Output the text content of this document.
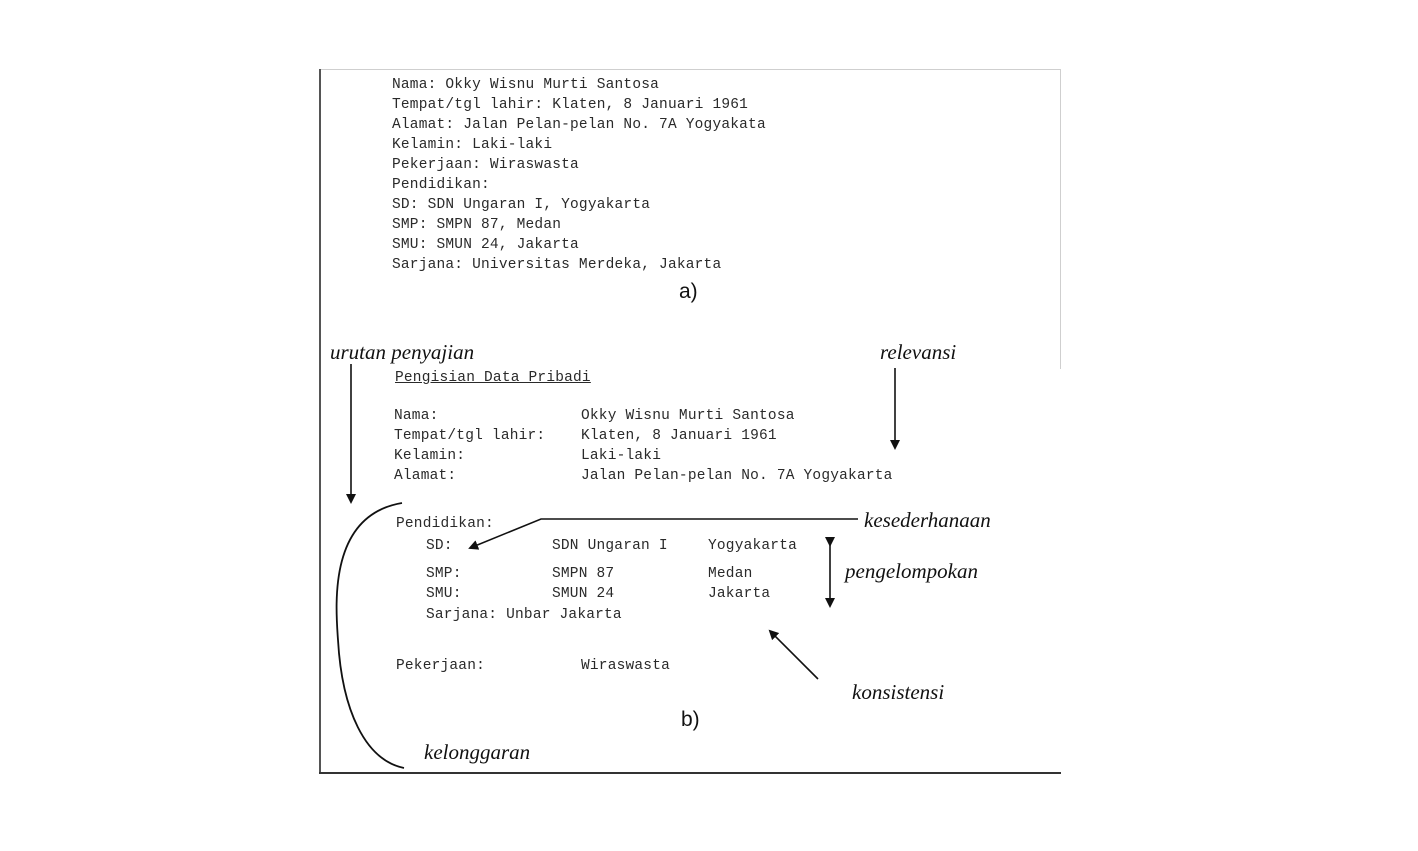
Nama: Okky Wisnu Murti Santosa
Tempat/tgl lahir: Klaten, 8 Januari 1961
Alamat: Jalan Pelan-pelan No. 7A Yogyakata
Kelamin: Laki-laki
Pekerjaan: Wiraswasta
Pendidikan:
SD: SDN Ungaran I, Yogyakarta
SMP: SMPN 87, Medan
SMU: SMUN 24, Jakarta
Sarjana: Universitas Merdeka, Jakarta
a)
Pengisian Data Pribadi
Nama:	Okky Wisnu Murti Santosa
Tempat/tgl lahir: Klaten, 8 Januari 1961
Kelamin:	Laki-laki
Alamat:	Jalan Pelan-pelan No. 7A Yogyakarta
Pendidikan:
SD:	SDN Ungaran I	Yogyakarta
SMP:	SMPN 87	Medan
SMU:	SMUN 24	Jakarta
Sarjana: Unbar Jakarta
Pekerjaan:	Wiraswasta
b)
urutan penyajian	relevansi
kesederhanaan
pengelompokan
konsistensi
kelonggaran
